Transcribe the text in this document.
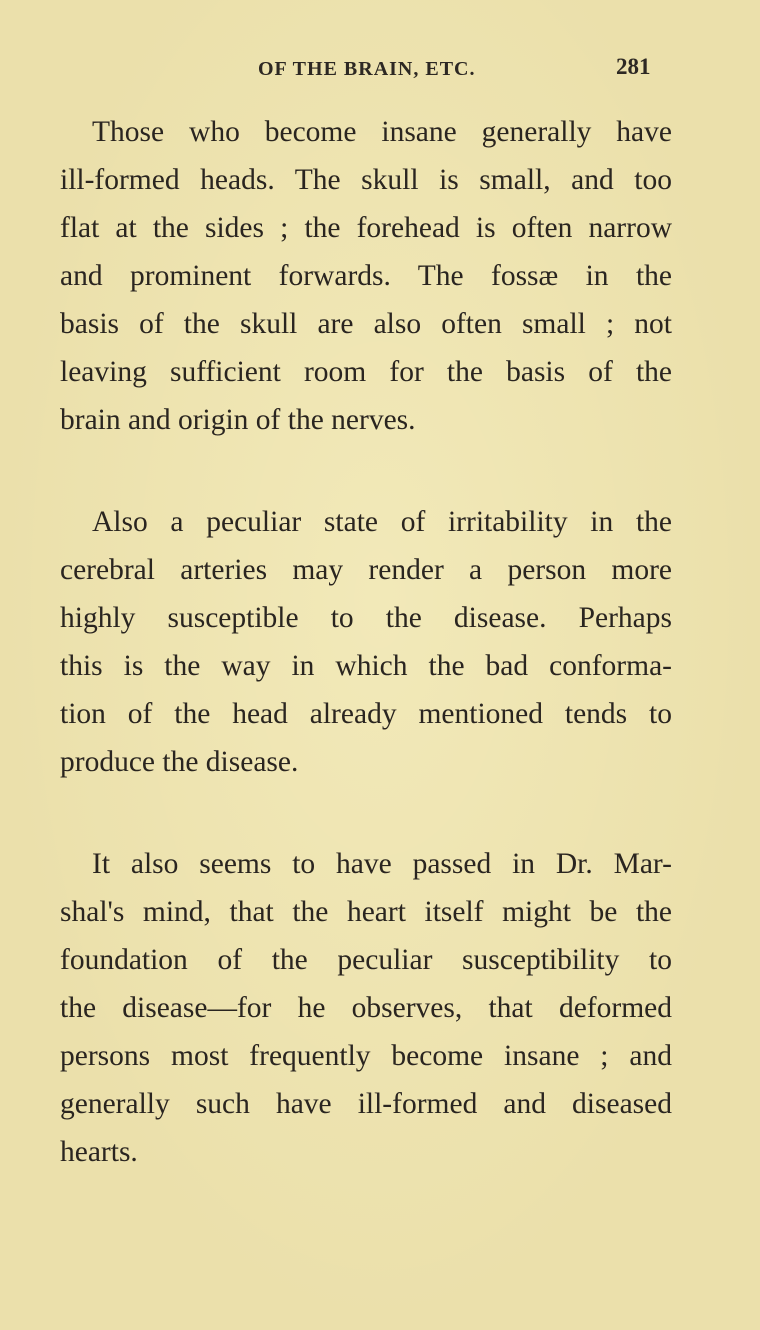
OF THE BRAIN, ETC.	281
Those who become insane generally have
ill-formed heads. The skull is small, and too
flat at the sides ; the forehead is often narrow
and prominent forwards. The fossæ in the
basis of the skull are also often small ; not
leaving sufficient room for the basis of the
brain and origin of the nerves.
Also a peculiar state of irritability in the
cerebral arteries may render a person more
highly susceptible to the disease. Perhaps
this is the way in which the bad conforma-
tion of the head already mentioned tends to
produce the disease.
It also seems to have passed in Dr. Mar-
shal's mind, that the heart itself might be the
foundation of the peculiar susceptibility to
the disease—for he observes, that deformed
persons most frequently become insane ; and
generally such have ill-formed and diseased
hearts.
